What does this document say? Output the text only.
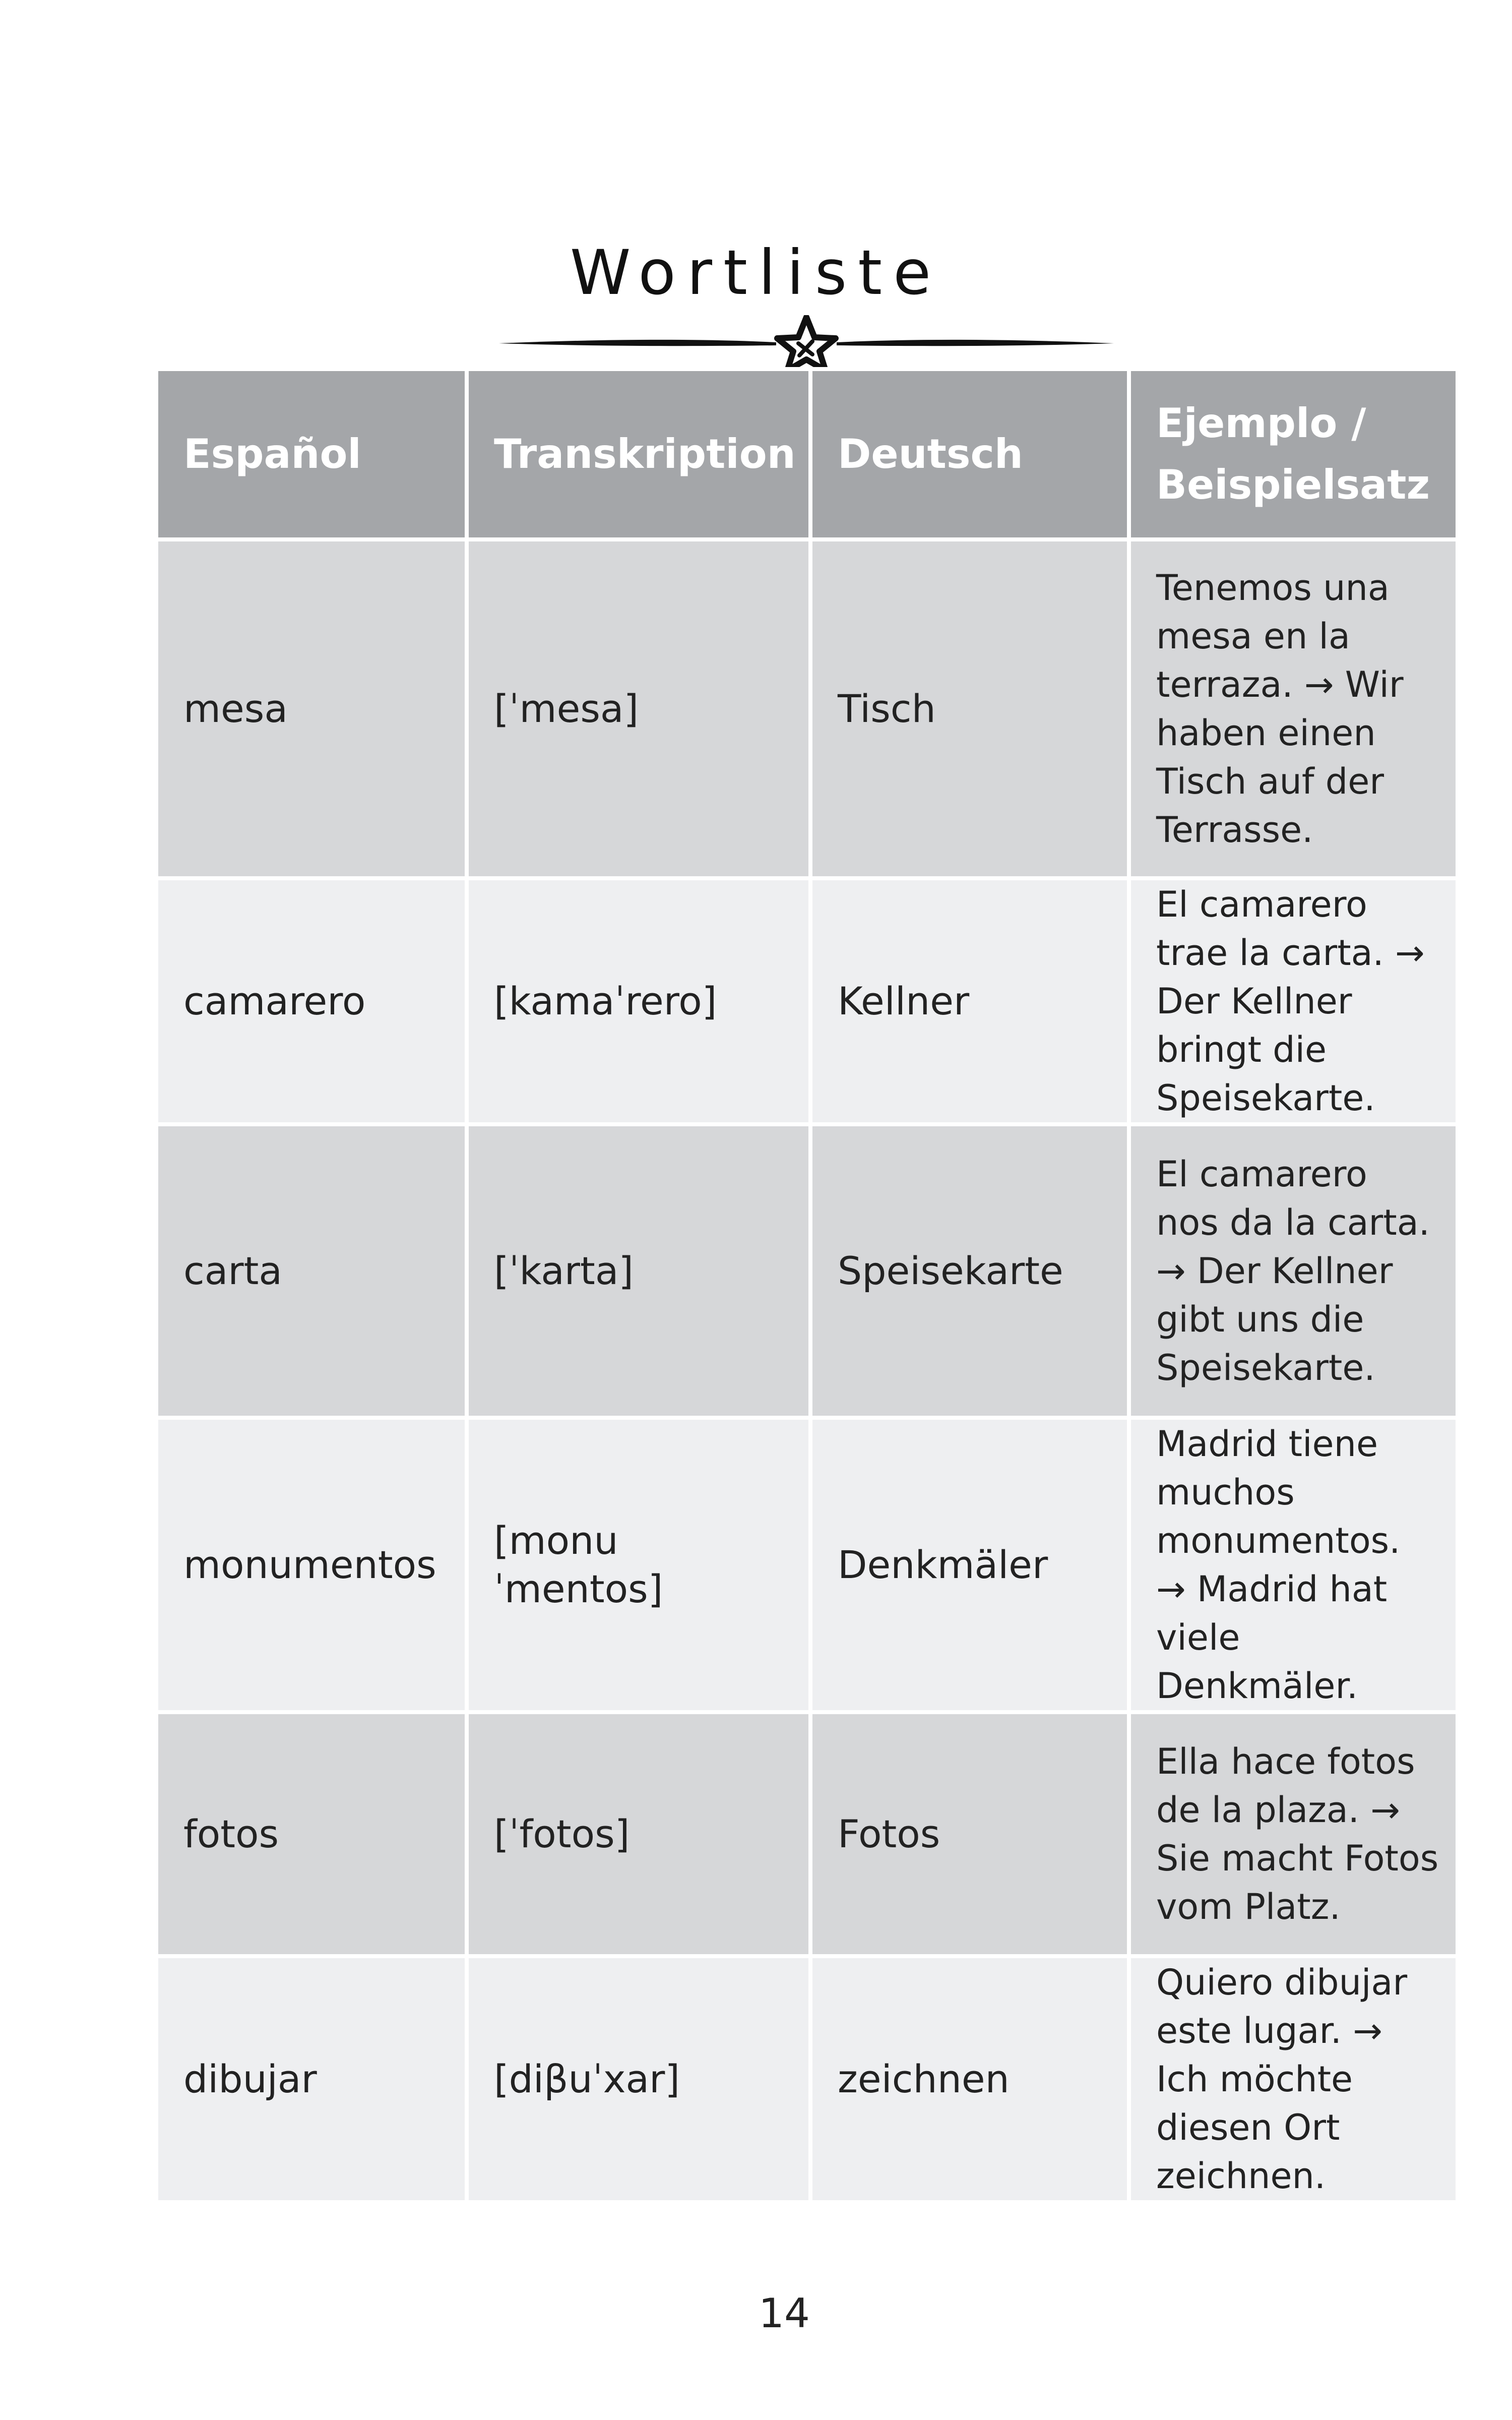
Wortliste
Español	Transkription	Deutsch	Ejemplo / Beispielsatz
mesa	[ˈmesa]	Tisch	Tenemos una mesa en la terraza. → Wir haben einen Tisch auf der Terrasse.
camarero	[kamaˈrero]	Kellner	El camarero trae la carta. → Der Kellner bringt die Speisekarte.
carta	[ˈkarta]	Speisekarte	El camarero nos da la carta. → Der Kellner gibt uns die Speisekarte.
monumentos	[monuˈmentos]	Denkmäler	Madrid tiene muchos monumentos. → Madrid hat viele Denkmäler.
fotos	[ˈfotos]	Fotos	Ella hace fotos de la plaza. → Sie macht Fotos vom Platz.
dibujar	[diβuˈxar]	zeichnen	Quiero dibujar este lugar. → Ich möchte diesen Ort zeichnen.
14
